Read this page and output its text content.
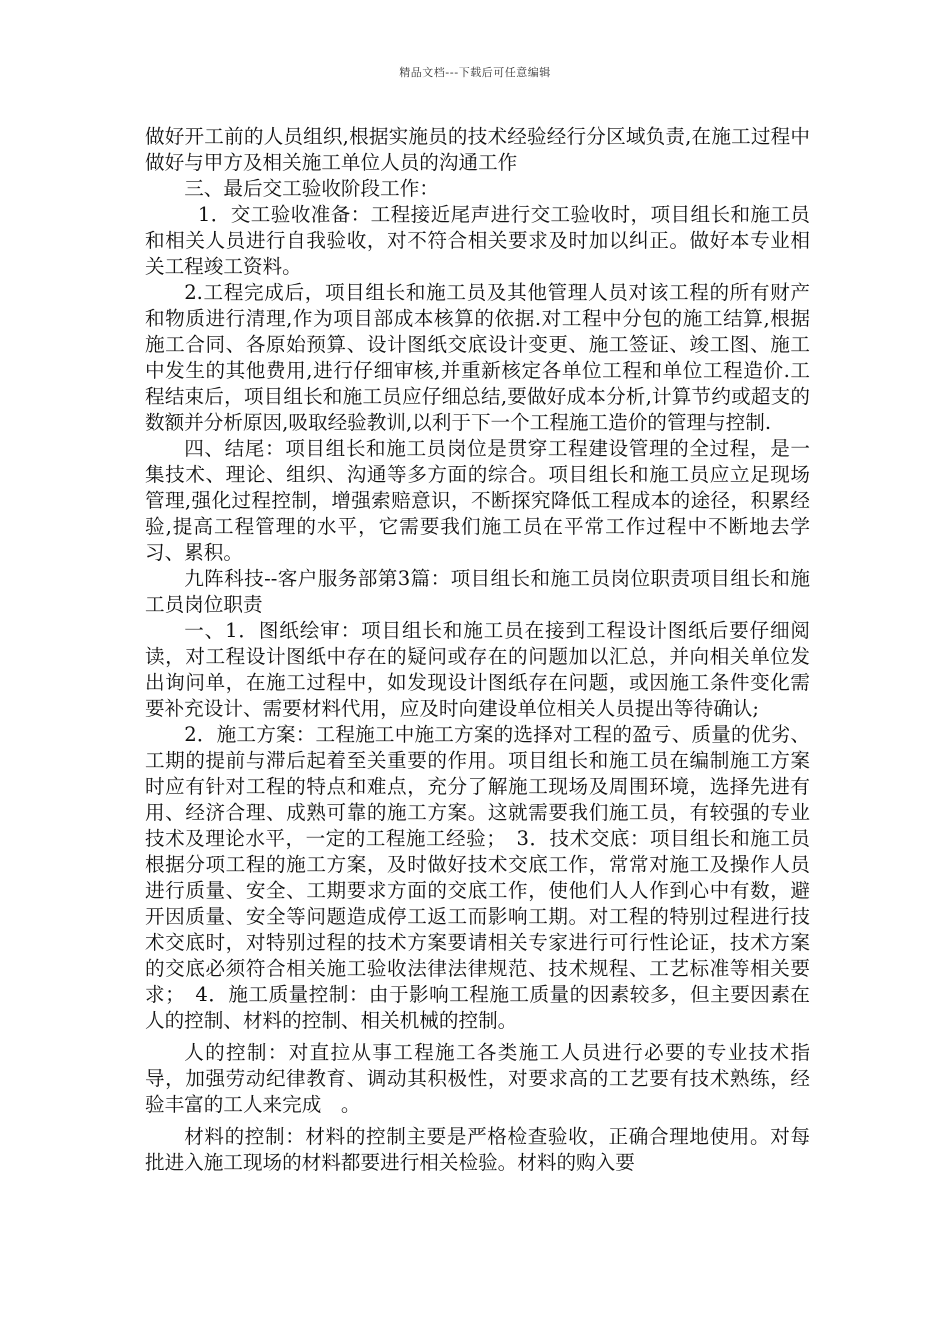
精品文档---下载后可任意编辑

做好开工前的人员组织,根据实施员的技术经验经行分区域负责,在施工过程中做好与甲方及相关施工单位人员的沟通工作

三、最后交工验收阶段工作：

1．交工验收准备：工程接近尾声进行交工验收时，项目组长和施工员和相关人员进行自我验收，对不符合相关要求及时加以纠正。做好本专业相关工程竣工资料。

2.工程完成后，项目组长和施工员及其他管理人员对该工程的所有财产和物质进行清理,作为项目部成本核算的依据.对工程中分包的施工结算,根据施工合同、各原始预算、设计图纸交底设计变更、施工签证、竣工图、施工中发生的其他费用,进行仔细审核,并重新核定各单位工程和单位工程造价.工程结束后，项目组长和施工员应仔细总结,要做好成本分析,计算节约或超支的数额并分析原因,吸取经验教训,以利于下一个工程施工造价的管理与控制.

四、结尾：项目组长和施工员岗位是贯穿工程建设管理的全过程，是一集技术、理论、组织、沟通等多方面的综合。项目组长和施工员应立足现场管理,强化过程控制，增强索赔意识，不断探究降低工程成本的途径，积累经验,提高工程管理的水平，它需要我们施工员在平常工作过程中不断地去学习、累积。

九阵科技--客户服务部第3篇：项目组长和施工员岗位职责项目组长和施工员岗位职责

一、1．图纸绘审：项目组长和施工员在接到工程设计图纸后要仔细阅读，对工程设计图纸中存在的疑问或存在的问题加以汇总，并向相关单位发出询问单，在施工过程中，如发现设计图纸存在问题，或因施工条件变化需要补充设计、需要材料代用，应及时向建设单位相关人员提出等待确认;

2．施工方案：工程施工中施工方案的选择对工程的盈亏、质量的优劣、工期的提前与滞后起着至关重要的作用。项目组长和施工员在编制施工方案时应有针对工程的特点和难点，充分了解施工现场及周围环境，选择先进有用、经济合理、成熟可靠的施工方案。这就需要我们施工员，有较强的专业技术及理论水平，一定的工程施工经验；　3．技术交底：项目组长和施工员根据分项工程的施工方案，及时做好技术交底工作，常常对施工及操作人员进行质量、安全、工期要求方面的交底工作，使他们人人作到心中有数，避开因质量、安全等问题造成停工返工而影响工期。对工程的特别过程进行技术交底时，对特别过程的技术方案要请相关专家进行可行性论证，技术方案的交底必须符合相关施工验收法律法律规范、技术规程、工艺标准等相关要求；　4．施工质量控制：由于影响工程施工质量的因素较多，但主要因素在人的控制、材料的控制、相关机械的控制。

人的控制：对直拉从事工程施工各类施工人员进行必要的专业技术指导，加强劳动纪律教育、调动其积极性，对要求高的工艺要有技术熟练，经验丰富的工人来完成　。

材料的控制：材料的控制主要是严格检查验收，正确合理地使用。对每批进入施工现场的材料都要进行相关检验。材料的购入要
